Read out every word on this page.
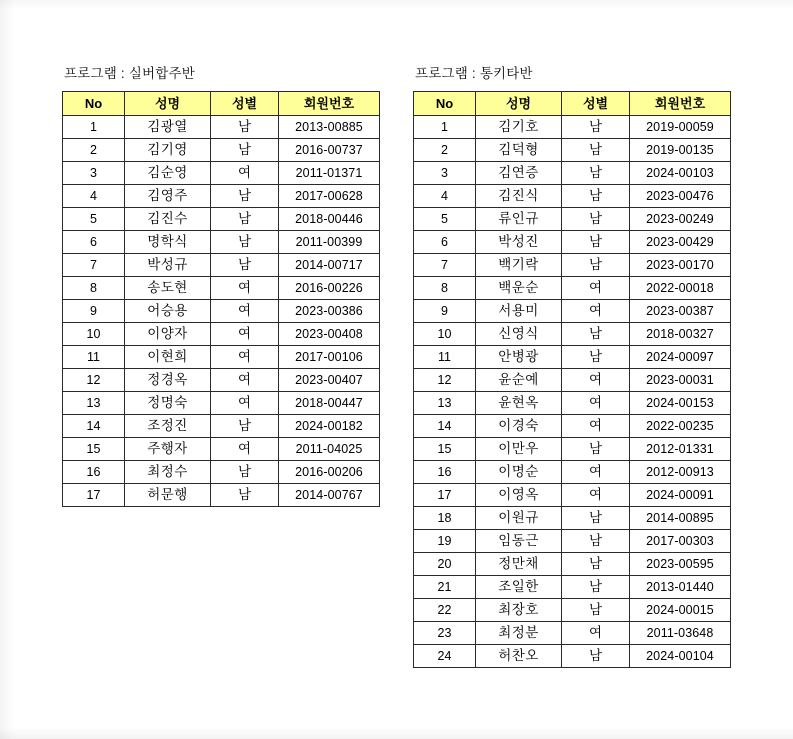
프로그램 : 실버합주반
No	성명	성별	회원번호
1	김광열	남	2013-00885
2	김기영	남	2016-00737
3	김순영	여	2011-01371
4	김영주	남	2017-00628
5	김진수	남	2018-00446
6	명학식	남	2011-00399
7	박성규	남	2014-00717
8	송도현	여	2016-00226
9	어승용	여	2023-00386
10	이양자	여	2023-00408
11	이현희	여	2017-00106
12	정경옥	여	2023-00407
13	정명숙	여	2018-00447
14	조정진	남	2024-00182
15	주행자	여	2011-04025
16	최정수	남	2016-00206
17	허문행	남	2014-00767
프로그램 : 통키타반
No	성명	성별	회원번호
1	김기호	남	2019-00059
2	김덕형	남	2019-00135
3	김연증	남	2024-00103
4	김진식	남	2023-00476
5	류인규	남	2023-00249
6	박성진	남	2023-00429
7	백기락	남	2023-00170
8	백운순	여	2022-00018
9	서용미	여	2023-00387
10	신영식	남	2018-00327
11	안병광	남	2024-00097
12	윤순예	여	2023-00031
13	윤현옥	여	2024-00153
14	이경숙	여	2022-00235
15	이만우	남	2012-01331
16	이명순	여	2012-00913
17	이영옥	여	2024-00091
18	이원규	남	2014-00895
19	임동근	남	2017-00303
20	정만채	남	2023-00595
21	조일한	남	2013-01440
22	최장호	남	2024-00015
23	최정분	여	2011-03648
24	허찬오	남	2024-00104
